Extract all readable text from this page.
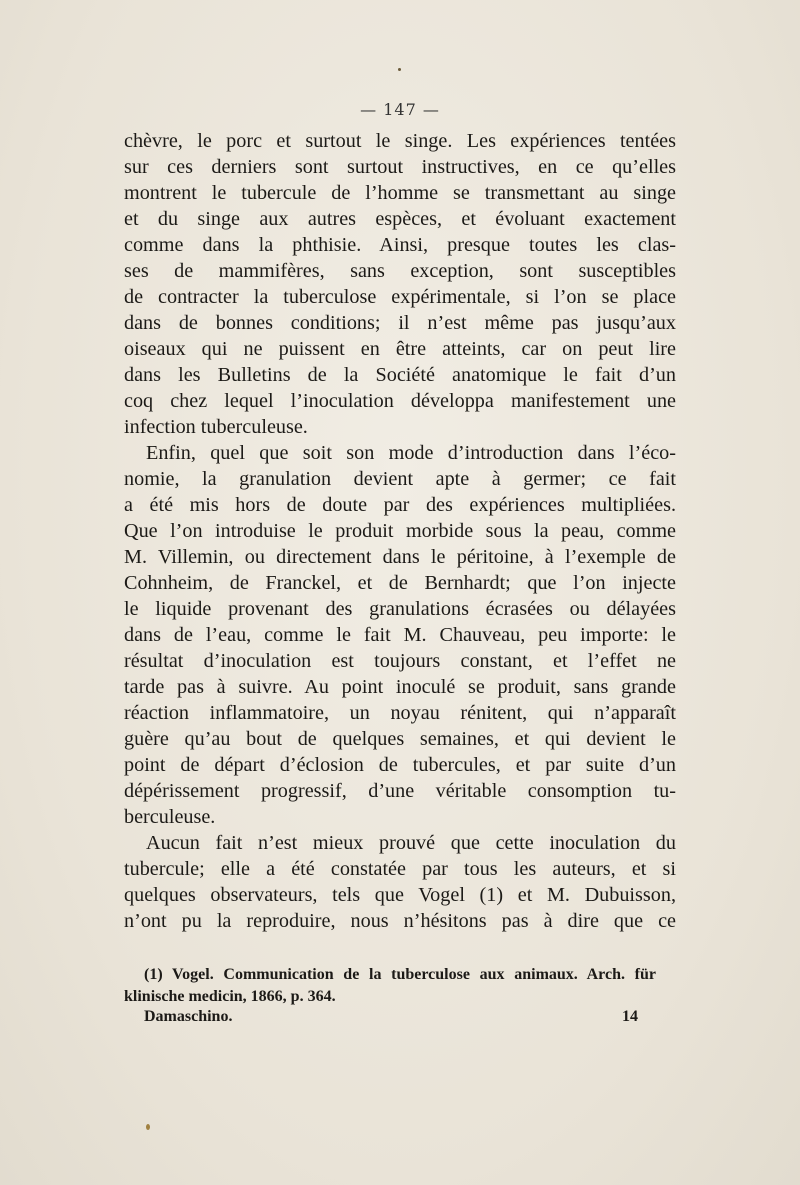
— 147 —
chèvre, le porc et surtout le singe. Les expériences tentées
sur ces derniers sont surtout instructives, en ce qu’elles
montrent le tubercule de l’homme se transmettant au singe
et du singe aux autres espèces, et évoluant exactement
comme dans la phthisie. Ainsi, presque toutes les clas-
ses de mammifères, sans exception, sont susceptibles
de contracter la tuberculose expérimentale, si l’on se place
dans de bonnes conditions; il n’est même pas jusqu’aux
oiseaux qui ne puissent en être atteints, car on peut lire
dans les Bulletins de la Société anatomique le fait d’un
coq chez lequel l’inoculation développa manifestement une
infection tuberculeuse.
Enfin, quel que soit son mode d’introduction dans l’éco-
nomie, la granulation devient apte à germer; ce fait
a été mis hors de doute par des expériences multipliées.
Que l’on introduise le produit morbide sous la peau, comme
M. Villemin, ou directement dans le péritoine, à l’exemple de
Cohnheim, de Franckel, et de Bernhardt; que l’on injecte
le liquide provenant des granulations écrasées ou délayées
dans de l’eau, comme le fait M. Chauveau, peu importe: le
résultat d’inoculation est toujours constant, et l’effet ne
tarde pas à suivre. Au point inoculé se produit, sans grande
réaction inflammatoire, un noyau rénitent, qui n’apparaît
guère qu’au bout de quelques semaines, et qui devient le
point de départ d’éclosion de tubercules, et par suite d’un
dépérissement progressif, d’une véritable consomption tu-
berculeuse.
Aucun fait n’est mieux prouvé que cette inoculation du
tubercule; elle a été constatée par tous les auteurs, et si
quelques observateurs, tels que Vogel (1) et M. Dubuisson,
n’ont pu la reproduire, nous n’hésitons pas à dire que ce
(1) Vogel. Communication de la tuberculose aux animaux. Arch. für
klinische medicin, 1866, p. 364.
Damaschino.	14
